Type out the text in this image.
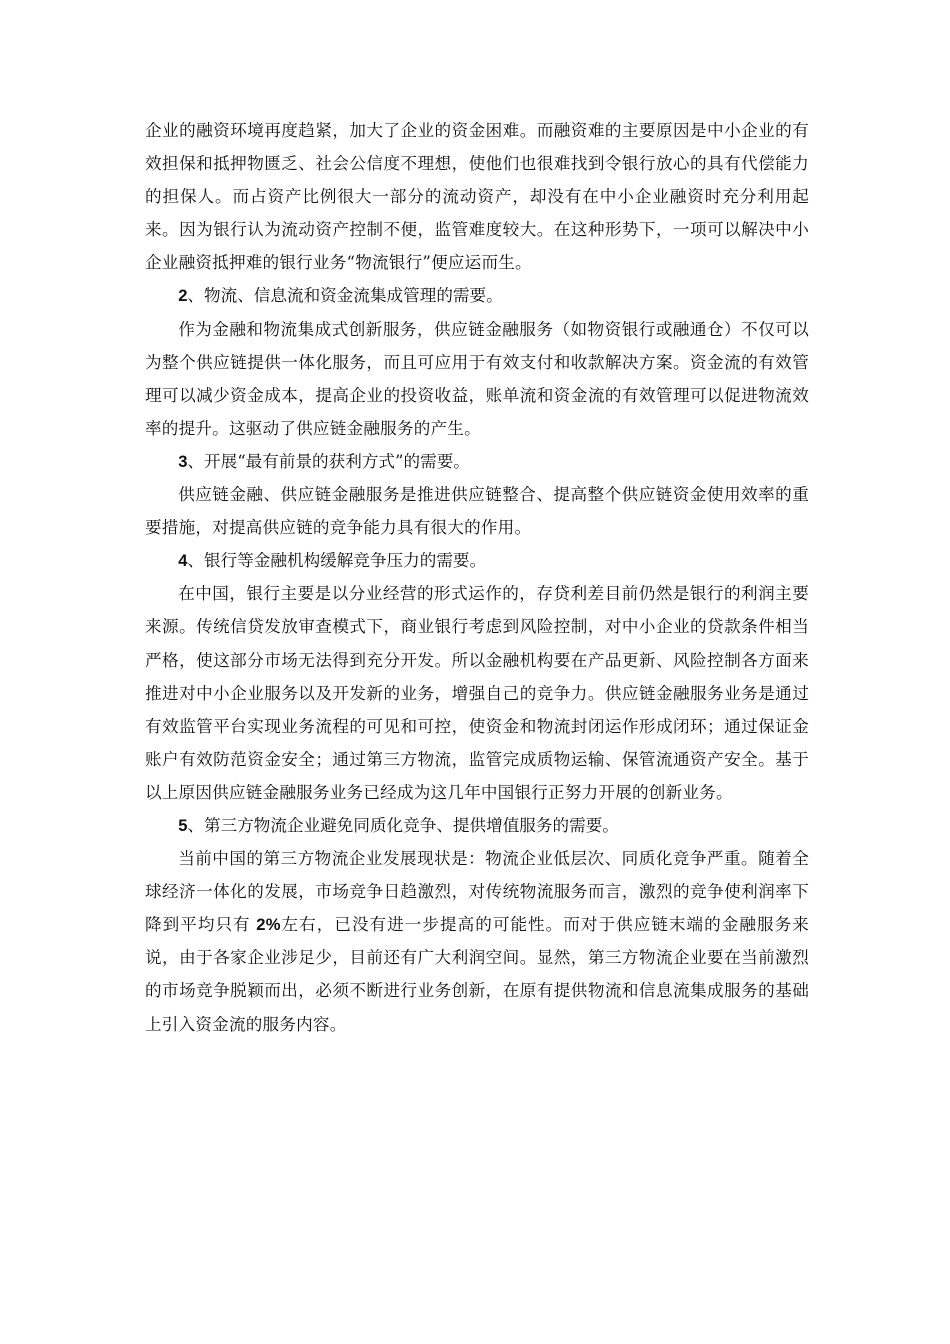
企业的融资环境再度趋紧，加大了企业的资金困难。而融资难的主要原因是中小企业的有效担保和抵押物匮乏、社会公信度不理想，使他们也很难找到令银行放心的具有代偿能力的担保人。而占资产比例很大一部分的流动资产，却没有在中小企业融资时充分利用起来。因为银行认为流动资产控制不便，监管难度较大。在这种形势下，一项可以解决中小企业融资抵押难的银行业务“物流银行”便应运而生。

2、物流、信息流和资金流集成管理的需要。

作为金融和物流集成式创新服务，供应链金融服务（如物资银行或融通仓）不仅可以为整个供应链提供一体化服务，而且可应用于有效支付和收款解决方案。资金流的有效管理可以减少资金成本，提高企业的投资收益，账单流和资金流的有效管理可以促进物流效率的提升。这驱动了供应链金融服务的产生。

3、开展“最有前景的获利方式”的需要。

供应链金融、供应链金融服务是推进供应链整合、提高整个供应链资金使用效率的重要措施，对提高供应链的竞争能力具有很大的作用。

4、银行等金融机构缓解竞争压力的需要。

在中国，银行主要是以分业经营的形式运作的，存贷利差目前仍然是银行的利润主要来源。传统信贷发放审查模式下，商业银行考虑到风险控制，对中小企业的贷款条件相当严格，使这部分市场无法得到充分开发。所以金融机构要在产品更新、风险控制各方面来推进对中小企业服务以及开发新的业务，增强自己的竞争力。供应链金融服务业务是通过有效监管平台实现业务流程的可见和可控，使资金和物流封闭运作形成闭环；通过保证金账户有效防范资金安全；通过第三方物流，监管完成质物运输、保管流通资产安全。基于以上原因供应链金融服务业务已经成为这几年中国银行正努力开展的创新业务。

5、第三方物流企业避免同质化竞争、提供增值服务的需要。

当前中国的第三方物流企业发展现状是：物流企业低层次、同质化竞争严重。随着全球经济一体化的发展，市场竞争日趋激烈，对传统物流服务而言，激烈的竞争使利润率下降到平均只有 2%左右，已没有进一步提高的可能性。而对于供应链末端的金融服务来说，由于各家企业涉足少，目前还有广大利润空间。显然，第三方物流企业要在当前激烈的市场竞争脱颖而出，必须不断进行业务创新，在原有提供物流和信息流集成服务的基础上引入资金流的服务内容。
